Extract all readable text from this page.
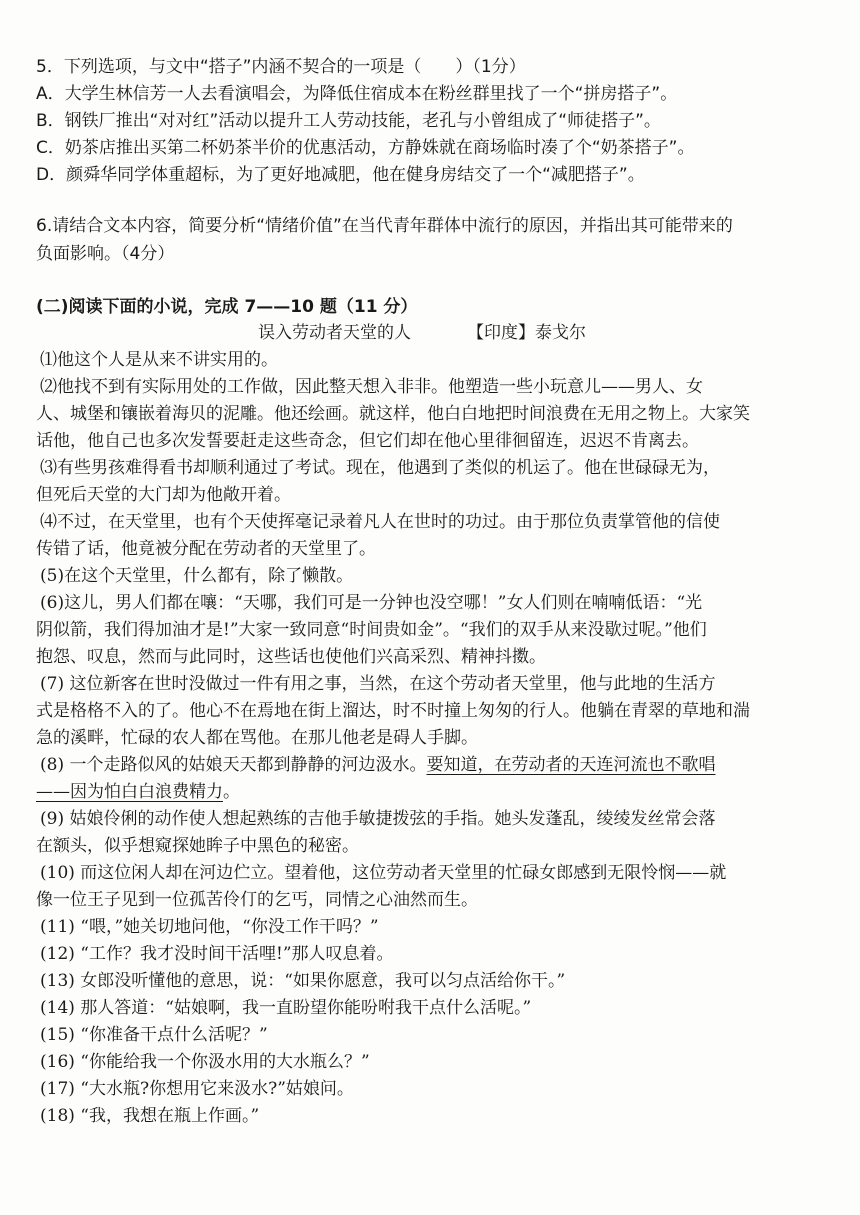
5．下列选项，与文中“搭子”内涵不契合的一项是（　　）（1分）
A．大学生林信芳一人去看演唱会，为降低住宿成本在粉丝群里找了一个“拼房搭子”。
B．钢铁厂推出“对对红”活动以提升工人劳动技能，老孔与小曾组成了“师徒搭子”。
C．奶茶店推出买第二杯奶茶半价的优惠活动，方静姝就在商场临时凑了个“奶茶搭子”。
D．颜舜华同学体重超标，为了更好地减肥，他在健身房结交了一个“减肥搭子”。
6.请结合文本内容，简要分析“情绪价值”在当代青年群体中流行的原因，并指出其可能带来的
负面影响。（4分）
(二)阅读下面的小说，完成 7——10 题（11 分）
误入劳动者天堂的人	【印度】泰戈尔
⑴他这个人是从来不讲实用的。
⑵他找不到有实际用处的工作做，因此整天想入非非。他塑造一些小玩意儿——男人、女
人、城堡和镶嵌着海贝的泥雕。他还绘画。就这样，他白白地把时间浪费在无用之物上。大家笑
话他，他自己也多次发誓要赶走这些奇念，但它们却在他心里徘徊留连，迟迟不肯离去。
⑶有些男孩难得看书却顺利通过了考试。现在，他遇到了类似的机运了。他在世碌碌无为，
但死后天堂的大门却为他敞开着。
⑷不过，在天堂里，也有个天使挥毫记录着凡人在世时的功过。由于那位负责掌管他的信使
传错了话，他竟被分配在劳动者的天堂里了。
(5)在这个天堂里，什么都有，除了懒散。
(6)这儿，男人们都在嚷：“天哪，我们可是一分钟也没空哪！”女人们则在喃喃低语：“光
阴似箭，我们得加油才是!”大家一致同意“时间贵如金”。“我们的双手从来没歇过呢。”他们
抱怨、叹息，然而与此同时，这些话也使他们兴高采烈、精神抖擞。
(7) 这位新客在世时没做过一件有用之事，当然，在这个劳动者天堂里，他与此地的生活方
式是格格不入的了。他心不在焉地在街上溜达，时不时撞上匆匆的行人。他躺在青翠的草地和湍
急的溪畔，忙碌的农人都在骂他。在那儿他老是碍人手脚。
(8) 一个走路似风的姑娘天天都到静静的河边汲水。要知道，在劳动者的天连河流也不歌唱
——因为怕白白浪费精力。
(9) 姑娘伶俐的动作使人想起熟练的吉他手敏捷拨弦的手指。她头发蓬乱，绫绫发丝常会落
在额头，似乎想窥探她眸子中黑色的秘密。
(10) 而这位闲人却在河边伫立。望着他，这位劳动者天堂里的忙碌女郎感到无限怜悯——就
像一位王子见到一位孤苦伶仃的乞丐，同情之心油然而生。
(11) “喂，”她关切地问他，“你没工作干吗？”
(12) “工作？我才没时间干活哩!”那人叹息着。
(13) 女郎没听懂他的意思，说：“如果你愿意，我可以匀点活给你干。”
(14) 那人答道：“姑娘啊，我一直盼望你能吩咐我干点什么活呢。”
(15) “你准备干点什么活呢？”
(16) “你能给我一个你汲水用的大水瓶么？”
(17) “大水瓶?你想用它来汲水?”姑娘问。
(18) “我，我想在瓶上作画。”
